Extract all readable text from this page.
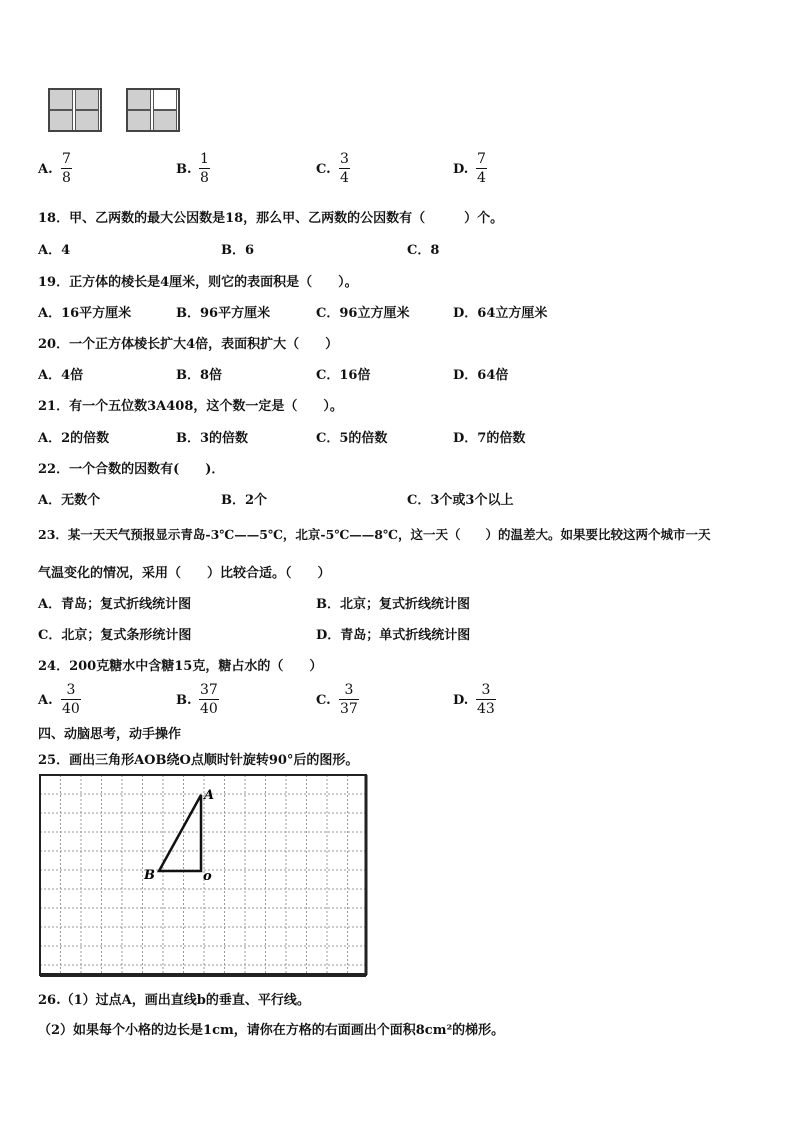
A.
7
8
B.
1
8
C.
3
4
D.
7
4
18．甲、乙两数的最大公因数是18，那么甲、乙两数的公因数有（　　　）个。
A．4	B．6	C．8
19．正方体的棱长是4厘米，则它的表面积是（　　）。
A．16平方厘米	B．96平方厘米	C．96立方厘米	D．64立方厘米
20．一个正方体棱长扩大4倍，表面积扩大（　　）
A．4倍	B．8倍	C．16倍	D．64倍
21．有一个五位数3A408，这个数一定是（　　）。
A．2的倍数	B．3的倍数	C．5的倍数	D．7的倍数
22．一个合数的因数有(　　)．
A．无数个	B．2个	C．3个或3个以上
23．某一天天气预报显示青岛-3℃——5℃，北京-5℃——8℃，这一天（　　）的温差大。如果要比较这两个城市一天
气温变化的情况，采用（　　）比较合适。（　　）
A．青岛；复式折线统计图	B．北京；复式折线统计图
C．北京；复式条形统计图	D．青岛；单式折线统计图
24．200克糖水中含糖15克，糖占水的（　　）
A.
3
40
B.
37
40
C.
3
37
D.
3
43
四、动脑思考，动手操作
25．画出三角形AOB绕O点顺时针旋转90°后的图形。
A
B	o
26.（1）过点A，画出直线b的垂直、平行线。
（2）如果每个小格的边长是1cm，请你在方格的右面画出个面积8cm²的梯形。
